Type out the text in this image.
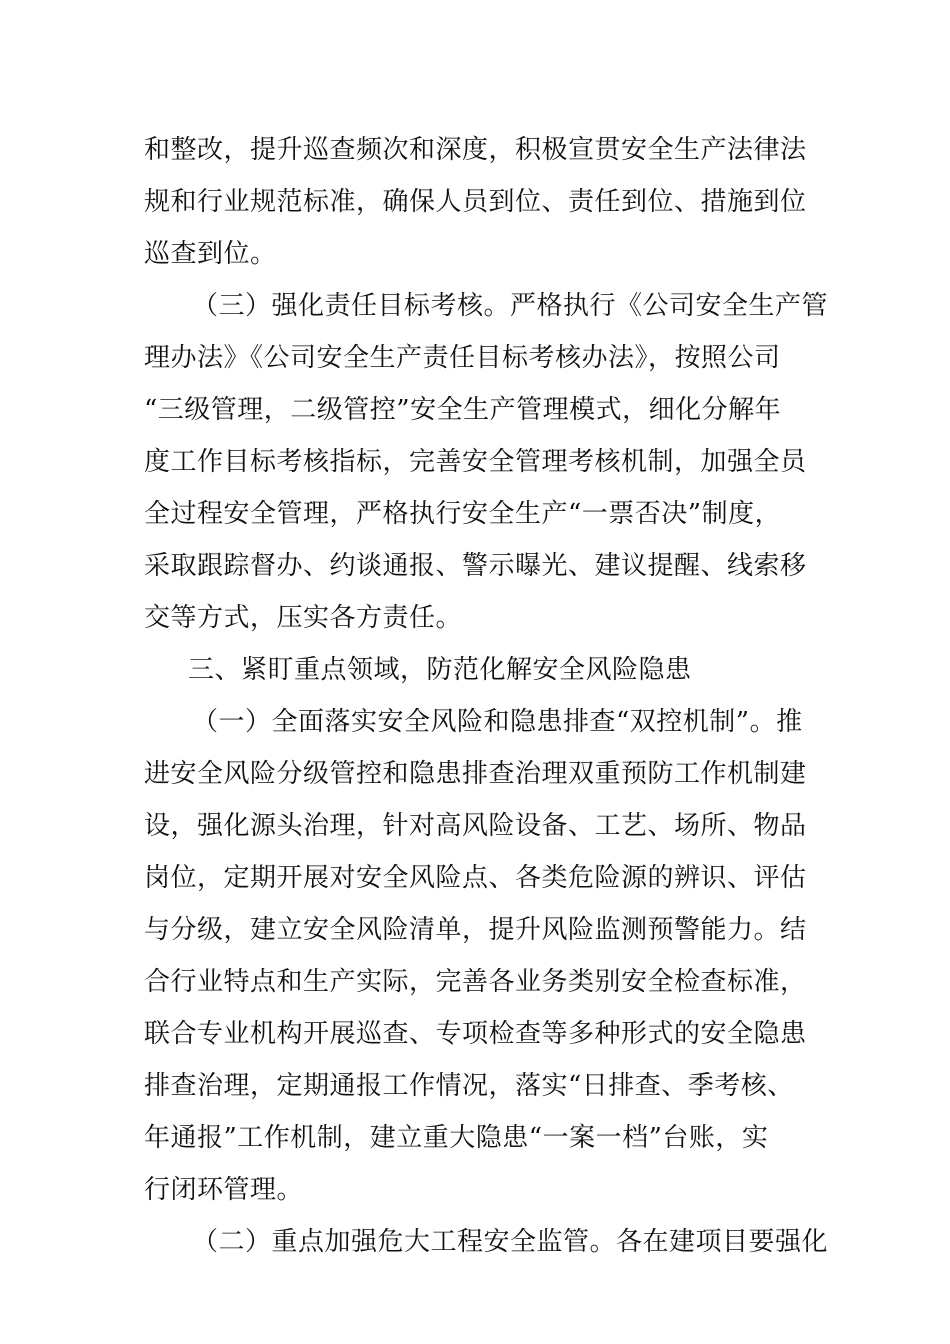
和整改，提升巡查频次和深度，积极宣贯安全生产法律法
规和行业规范标准，确保人员到位、责任到位、措施到位
巡查到位。
（三）强化责任目标考核。严格执行《公司安全生产管
理办法》《公司安全生产责任目标考核办法》，按照公司
“三级管理，二级管控”安全生产管理模式，细化分解年
度工作目标考核指标，完善安全管理考核机制，加强全员
全过程安全管理，严格执行安全生产“一票否决”制度，
采取跟踪督办、约谈通报、警示曝光、建议提醒、线索移
交等方式，压实各方责任。
三、紧盯重点领域，防范化解安全风险隐患
（一）全面落实安全风险和隐患排查“双控机制”。推
进安全风险分级管控和隐患排查治理双重预防工作机制建
设，强化源头治理，针对高风险设备、工艺、场所、物品
岗位，定期开展对安全风险点、各类危险源的辨识、评估
与分级，建立安全风险清单，提升风险监测预警能力。结
合行业特点和生产实际，完善各业务类别安全检查标准，
联合专业机构开展巡查、专项检查等多种形式的安全隐患
排查治理，定期通报工作情况，落实“日排查、季考核、
年通报”工作机制，建立重大隐患“一案一档”台账，实
行闭环管理。
（二）重点加强危大工程安全监管。各在建项目要强化
